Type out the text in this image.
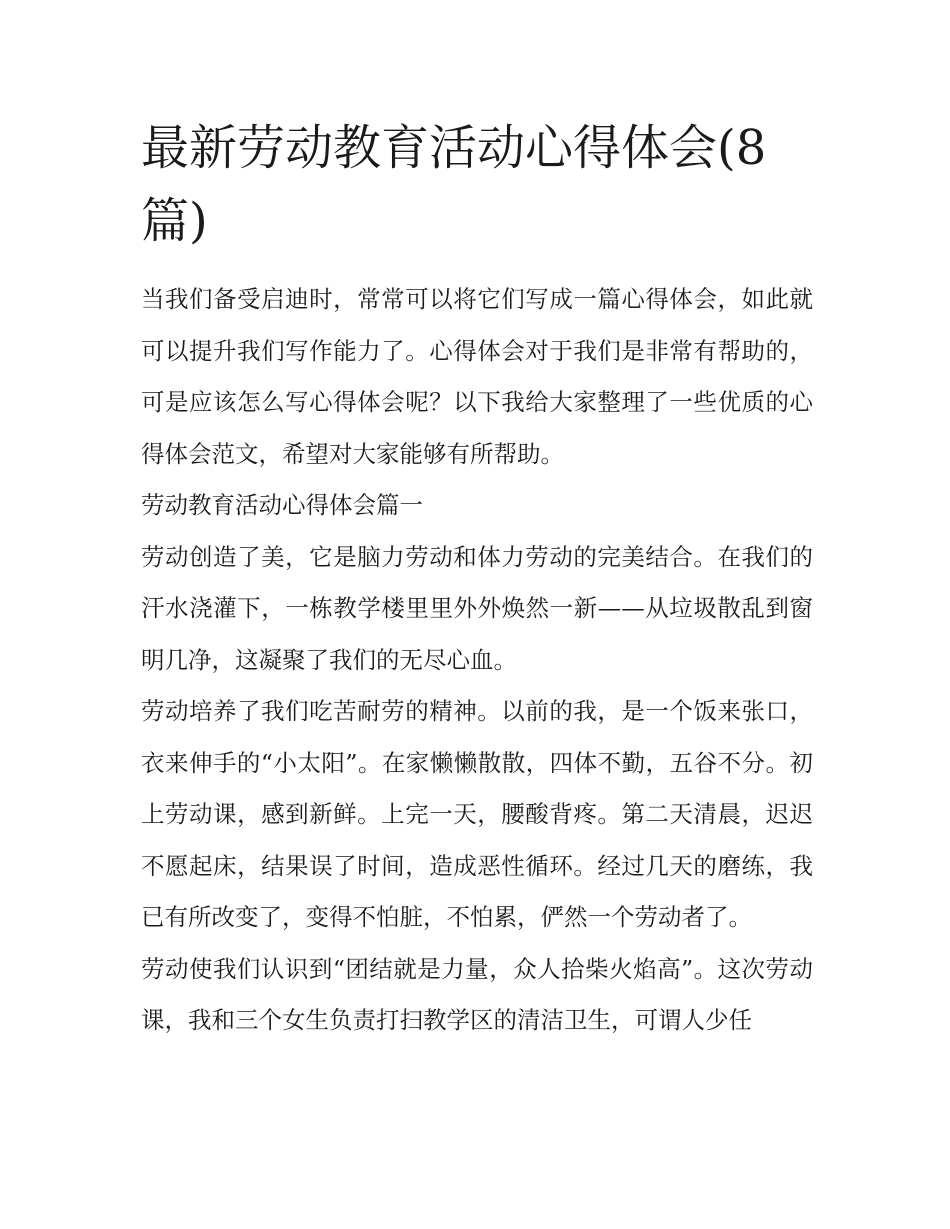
最新劳动教育活动心得体会(8篇)

当我们备受启迪时，常常可以将它们写成一篇心得体会，如此就可以提升我们写作能力了。心得体会对于我们是非常有帮助的，可是应该怎么写心得体会呢？以下我给大家整理了一些优质的心得体会范文，希望对大家能够有所帮助。

劳动教育活动心得体会篇一

劳动创造了美，它是脑力劳动和体力劳动的完美结合。在我们的汗水浇灌下，一栋教学楼里里外外焕然一新——从垃圾散乱到窗明几净，这凝聚了我们的无尽心血。

劳动培养了我们吃苦耐劳的精神。以前的我，是一个饭来张口，衣来伸手的“小太阳”。在家懒懒散散，四体不勤，五谷不分。初上劳动课，感到新鲜。上完一天，腰酸背疼。第二天清晨，迟迟不愿起床，结果误了时间，造成恶性循环。经过几天的磨练，我已有所改变了，变得不怕脏，不怕累，俨然一个劳动者了。

劳动使我们认识到“团结就是力量，众人拾柴火焰高”。这次劳动课，我和三个女生负责打扫教学区的清洁卫生，可谓人少任
